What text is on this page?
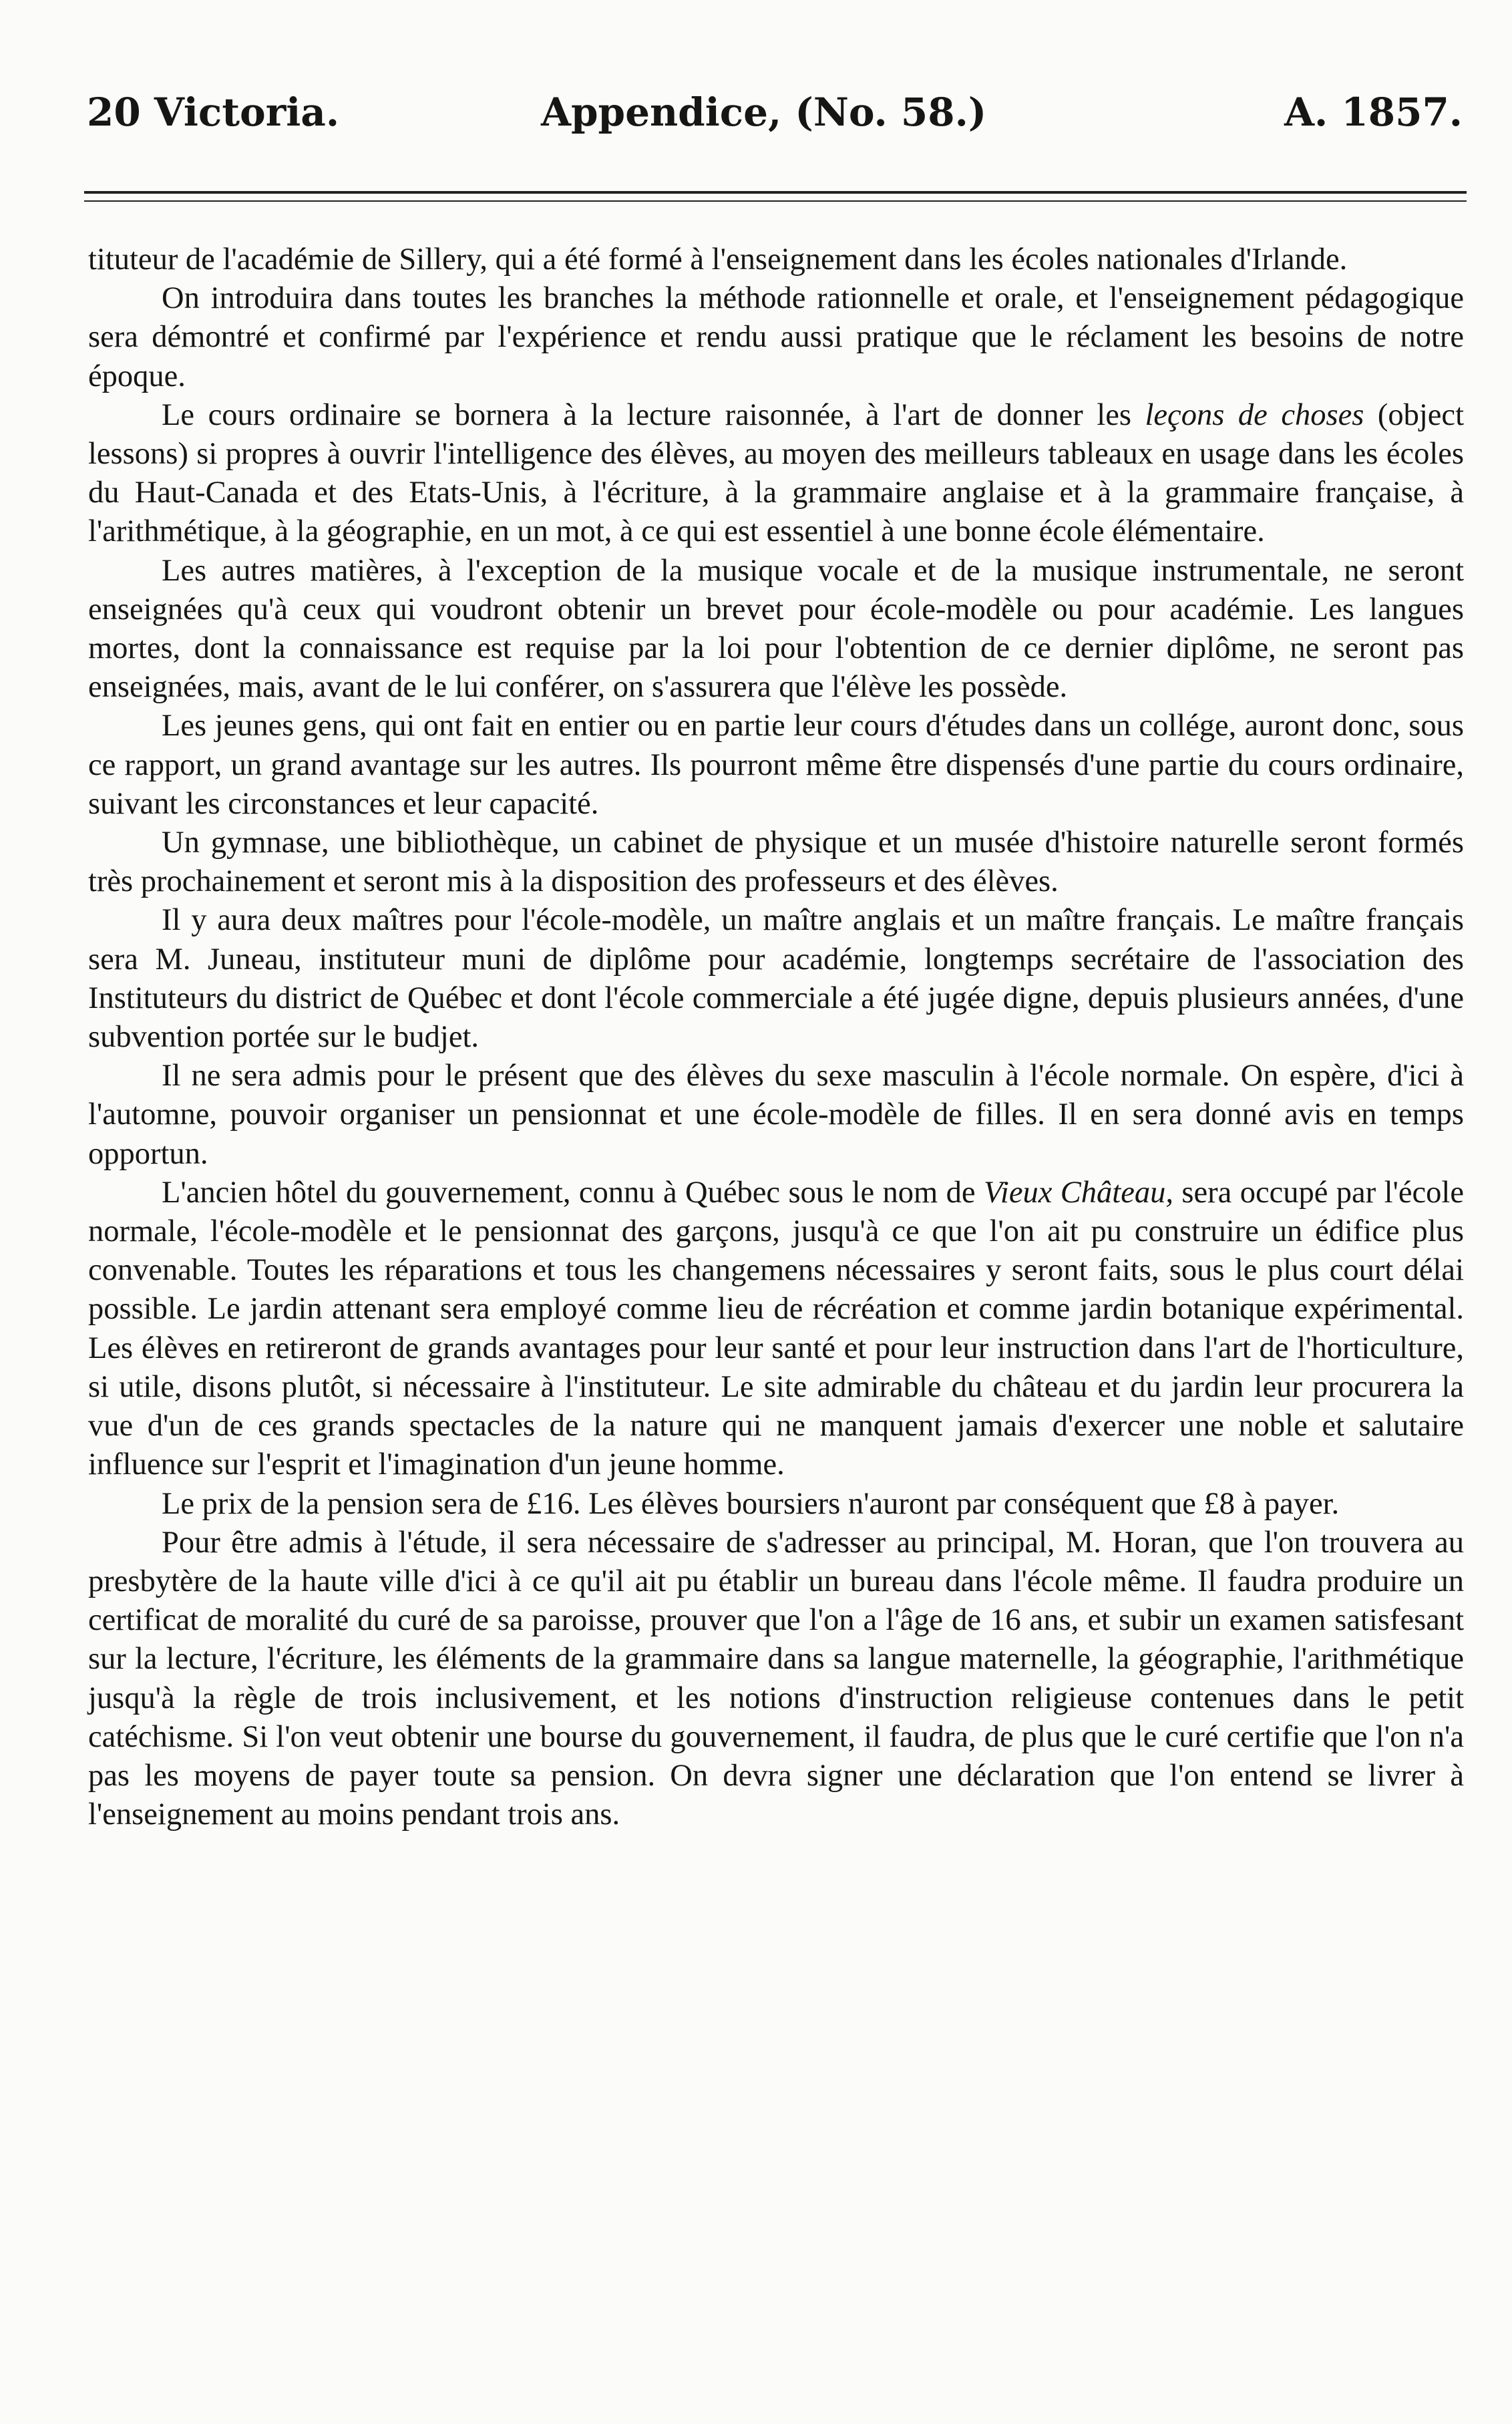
20 Victoria.	Appendice, (No. 58.)	A. 1857.

tituteur de l'académie de Sillery, qui a été formé à l'enseignement dans les écoles nationales d'Irlande.

On introduira dans toutes les branches la méthode rationnelle et orale, et l'enseignement pédagogique sera démontré et confirmé par l'expérience et rendu aussi pratique que le réclament les besoins de notre époque.

Le cours ordinaire se bornera à la lecture raisonnée, à l'art de donner les leçons de choses (object lessons) si propres à ouvrir l'intelligence des élèves, au moyen des meilleurs tableaux en usage dans les écoles du Haut-Canada et des Etats-Unis, à l'écriture, à la grammaire anglaise et à la grammaire française, à l'arithmétique, à la géographie, en un mot, à ce qui est essentiel à une bonne école élémentaire.

Les autres matières, à l'exception de la musique vocale et de la musique instrumentale, ne seront enseignées qu'à ceux qui voudront obtenir un brevet pour école-modèle ou pour académie. Les langues mortes, dont la connaissance est requise par la loi pour l'obtention de ce dernier diplôme, ne seront pas enseignées, mais, avant de le lui conférer, on s'assurera que l'élève les possède.

Les jeunes gens, qui ont fait en entier ou en partie leur cours d'études dans un collége, auront donc, sous ce rapport, un grand avantage sur les autres. Ils pourront même être dispensés d'une partie du cours ordinaire, suivant les circonstances et leur capacité.

Un gymnase, une bibliothèque, un cabinet de physique et un musée d'histoire naturelle seront formés très prochainement et seront mis à la disposition des professeurs et des élèves.

Il y aura deux maîtres pour l'école-modèle, un maître anglais et un maître français. Le maître français sera M. Juneau, instituteur muni de diplôme pour académie, longtemps secrétaire de l'association des Instituteurs du district de Québec et dont l'école commerciale a été jugée digne, depuis plusieurs années, d'une subvention portée sur le budjet.

Il ne sera admis pour le présent que des élèves du sexe masculin à l'école normale. On espère, d'ici à l'automne, pouvoir organiser un pensionnat et une école-modèle de filles. Il en sera donné avis en temps opportun.

L'ancien hôtel du gouvernement, connu à Québec sous le nom de Vieux Château, sera occupé par l'école normale, l'école-modèle et le pensionnat des garçons, jusqu'à ce que l'on ait pu construire un édifice plus convenable. Toutes les réparations et tous les changemens nécessaires y seront faits, sous le plus court délai possible. Le jardin attenant sera employé comme lieu de récréation et comme jardin botanique expérimental. Les élèves en retireront de grands avantages pour leur santé et pour leur instruction dans l'art de l'horticulture, si utile, disons plutôt, si nécessaire à l'instituteur. Le site admirable du château et du jardin leur procurera la vue d'un de ces grands spectacles de la nature qui ne manquent jamais d'exercer une noble et salutaire influence sur l'esprit et l'imagination d'un jeune homme.

Le prix de la pension sera de £16. Les élèves boursiers n'auront par conséquent que £8 à payer.

Pour être admis à l'étude, il sera nécessaire de s'adresser au principal, M. Horan, que l'on trouvera au presbytère de la haute ville d'ici à ce qu'il ait pu établir un bureau dans l'école même. Il faudra produire un certificat de moralité du curé de sa paroisse, prouver que l'on a l'âge de 16 ans, et subir un examen satisfesant sur la lecture, l'écriture, les éléments de la grammaire dans sa langue maternelle, la géographie, l'arithmétique jusqu'à la règle de trois inclusivement, et les notions d'instruction religieuse contenues dans le petit catéchisme. Si l'on veut obtenir une bourse du gouvernement, il faudra, de plus que le curé certifie que l'on n'a pas les moyens de payer toute sa pension. On devra signer une déclaration que l'on entend se livrer à l'enseignement au moins pendant trois ans.
